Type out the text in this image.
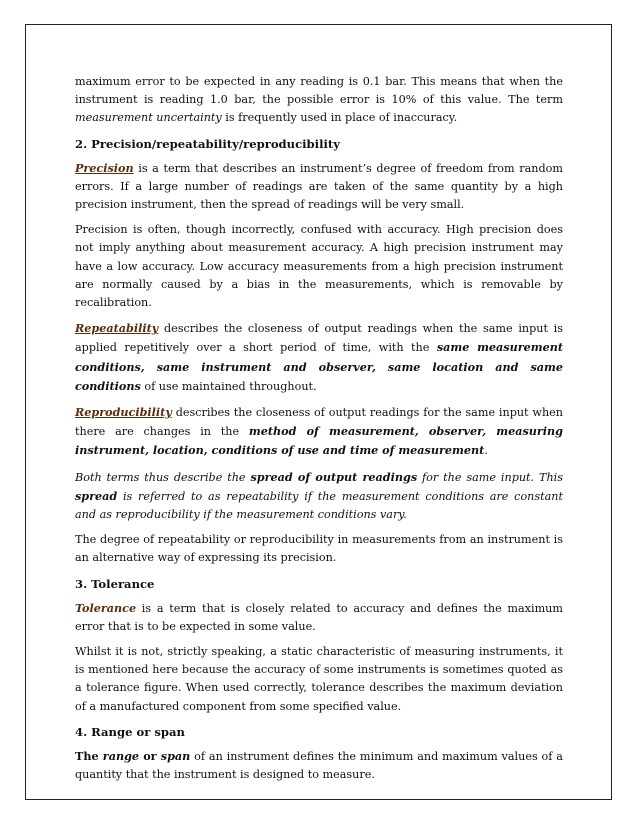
maximum error to be expected in any reading is 0.1 bar. This means that when the instrument is reading 1.0 bar, the possible error is 10% of this value. The term measurement uncertainty is frequently used in place of inaccuracy.

2. Precision/repeatability/reproducibility

Precision is a term that describes an instrument’s degree of freedom from random errors. If a large number of readings are taken of the same quantity by a high precision instrument, then the spread of readings will be very small.

Precision is often, though incorrectly, confused with accuracy. High precision does not imply anything about measurement accuracy. A high precision instrument may have a low accuracy. Low accuracy measurements from a high precision instrument are normally caused by a bias in the measurements, which is removable by recalibration.

Repeatability describes the closeness of output readings when the same input is applied repetitively over a short period of time, with the same measurement conditions, same instrument and observer, same location and same conditions of use maintained throughout.

Reproducibility describes the closeness of output readings for the same input when there are changes in the method of measurement, observer, measuring instrument, location, conditions of use and time of measurement.

Both terms thus describe the spread of output readings for the same input. This spread is referred to as repeatability if the measurement conditions are constant and as reproducibility if the measurement conditions vary.

The degree of repeatability or reproducibility in measurements from an instrument is an alternative way of expressing its precision.

3. Tolerance

Tolerance is a term that is closely related to accuracy and defines the maximum error that is to be expected in some value.

Whilst it is not, strictly speaking, a static characteristic of measuring instruments, it is mentioned here because the accuracy of some instruments is sometimes quoted as a tolerance figure. When used correctly, tolerance describes the maximum deviation of a manufactured component from some specified value.

4. Range or span

The range or span of an instrument defines the minimum and maximum values of a quantity that the instrument is designed to measure.
